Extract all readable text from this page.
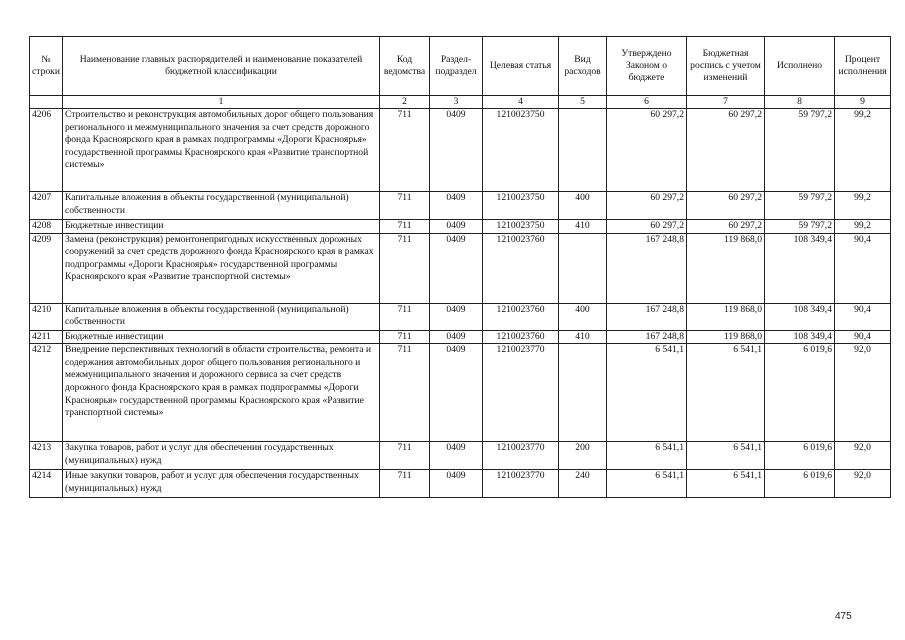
№ строки	Наименование главных распорядителей и наименование показателей бюджетной классификации	Код ведомства	Раздел-подраздел	Целевая статья	Вид расходов	Утверждено Законом о бюджете	Бюджетная роспись с учетом изменений	Исполнено	Процент исполнения
	1	2	3	4	5	6	7	8	9
4206	Строительство и реконструкция автомобильных дорог общего пользования регионального и межмуниципального значения за счет средств дорожного фонда Красноярского края в рамках подпрограммы «Дороги Красноярья» государственной программы Красноярского края «Развитие транспортной системы»	711	0409	1210023750		60 297,2	60 297,2	59 797,2	99,2
4207	Капитальные вложения в объекты государственной (муниципальной) собственности	711	0409	1210023750	400	60 297,2	60 297,2	59 797,2	99,2
4208	Бюджетные инвестиции	711	0409	1210023750	410	60 297,2	60 297,2	59 797,2	99,2
4209	Замена (реконструкция) ремонтонепригодных искусственных дорожных сооружений за счет средств дорожного фонда Красноярского края в рамках подпрограммы «Дороги Красноярья» государственной программы Красноярского края «Развитие транспортной системы»	711	0409	1210023760		167 248,8	119 868,0	108 349,4	90,4
4210	Капитальные вложения в объекты государственной (муниципальной) собственности	711	0409	1210023760	400	167 248,8	119 868,0	108 349,4	90,4
4211	Бюджетные инвестиции	711	0409	1210023760	410	167 248,8	119 868,0	108 349,4	90,4
4212	Внедрение перспективных технологий в области строительства, ремонта и содержания автомобильных дорог общего пользования регионального и межмуниципального значения и дорожного сервиса за счет средств дорожного фонда Красноярского края в рамках подпрограммы «Дороги Красноярья» государственной программы Красноярского края «Развитие транспортной системы»	711	0409	1210023770		6 541,1	6 541,1	6 019,6	92,0
4213	Закупка товаров, работ и услуг для обеспечения государственных (муниципальных) нужд	711	0409	1210023770	200	6 541,1	6 541,1	6 019,6	92,0
4214	Иные закупки товаров, работ и услуг для обеспечения государственных (муниципальных) нужд	711	0409	1210023770	240	6 541,1	6 541,1	6 019,6	92,0
475
